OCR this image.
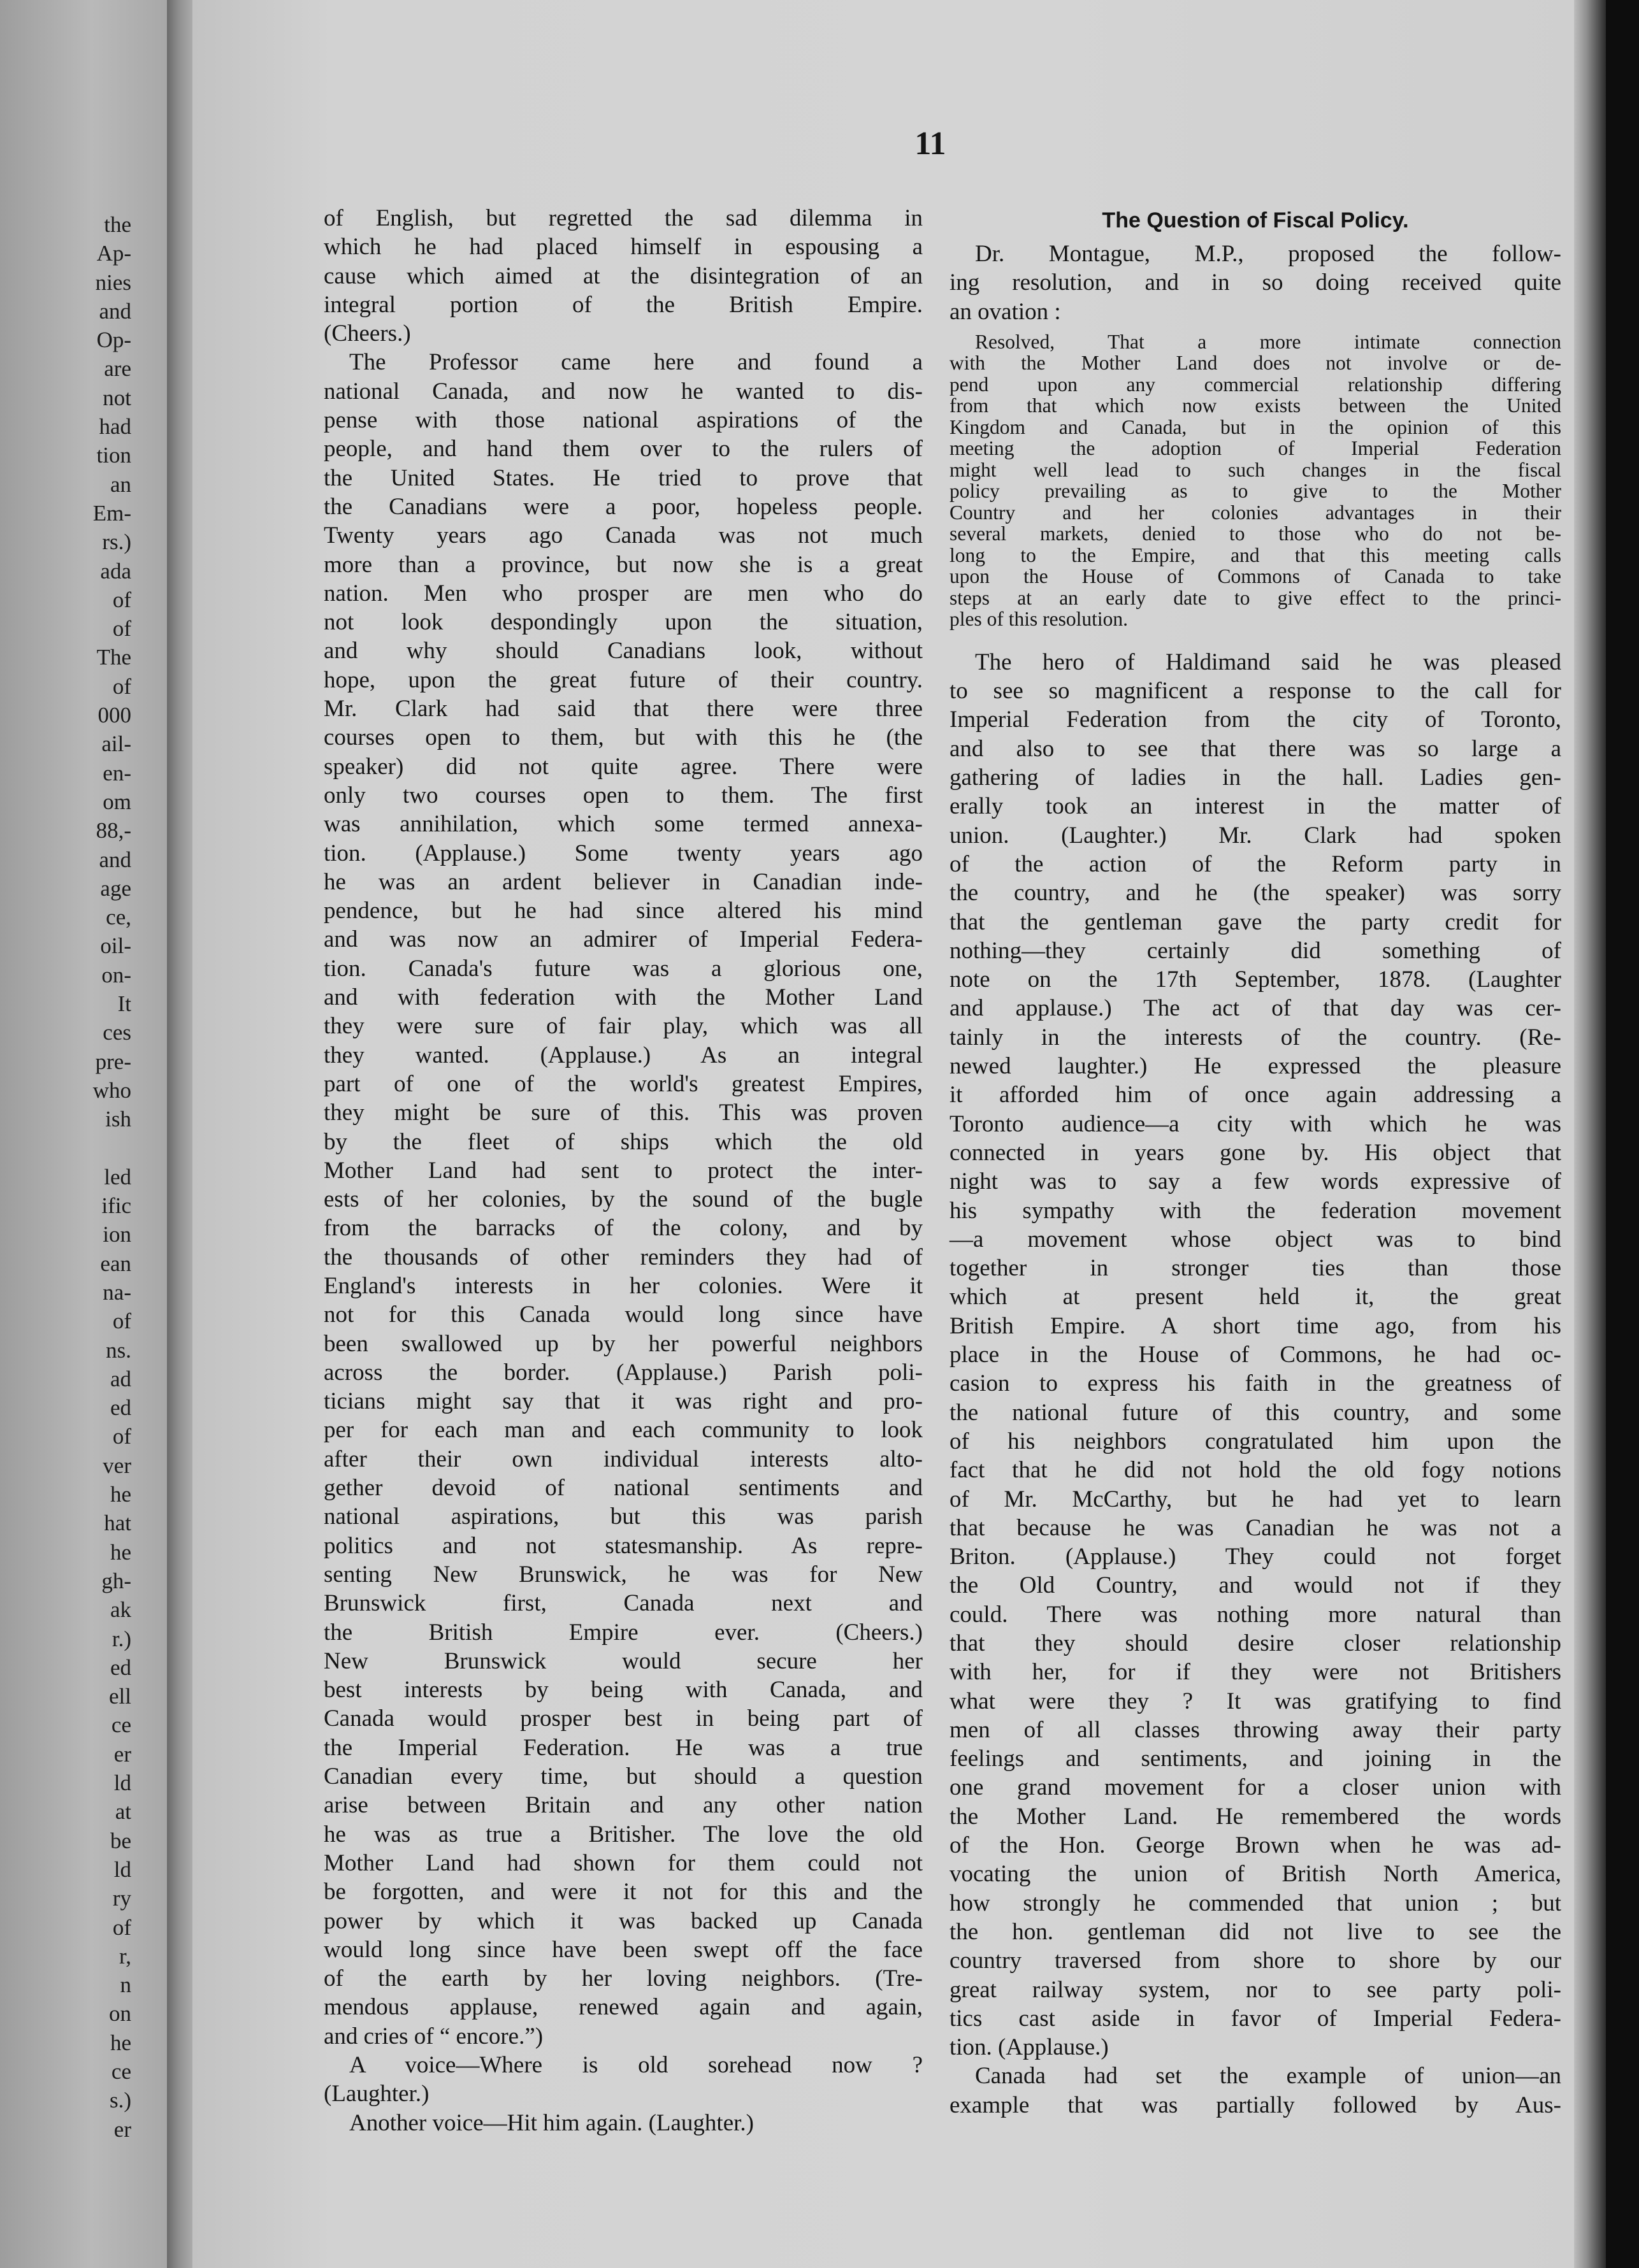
the
Ap-
nies
and
Op-
are
not
had
tion
an
Em-
rs.)
ada
of
of
The
of
000
ail-
en-
om
88,-
and
age
ce,
oil-
on-
It
ces
pre-
who
ish
led
ific
ion
ean
na-
of
ns.
ad
ed
of
ver
he
hat
he
gh-
ak
r.)
ed
ell
ce
er
ld
at
be
ld
ry
of
r,
n
on
he
ce
s.)
er
11
of English, but regretted the sad dilemma in
which he had placed himself in espousing a
cause which aimed at the disintegration of an
integral portion of the British Empire.
(Cheers.)
The Professor came here and found a
national Canada, and now he wanted to dis-
pense with those national aspirations of the
people, and hand them over to the rulers of
the United States. He tried to prove that
the Canadians were a poor, hopeless people.
Twenty years ago Canada was not much
more than a province, but now she is a great
nation. Men who prosper are men who do
not look despondingly upon the situation,
and why should Canadians look, without
hope, upon the great future of their country.
Mr. Clark had said that there were three
courses open to them, but with this he (the
speaker) did not quite agree. There were
only two courses open to them. The first
was annihilation, which some termed annexa-
tion. (Applause.) Some twenty years ago
he was an ardent believer in Canadian inde-
pendence, but he had since altered his mind
and was now an admirer of Imperial Federa-
tion. Canada's future was a glorious one,
and with federation with the Mother Land
they were sure of fair play, which was all
they wanted. (Applause.) As an integral
part of one of the world's greatest Empires,
they might be sure of this. This was proven
by the fleet of ships which the old
Mother Land had sent to protect the inter-
ests of her colonies, by the sound of the bugle
from the barracks of the colony, and by
the thousands of other reminders they had of
England's interests in her colonies. Were it
not for this Canada would long since have
been swallowed up by her powerful neighbors
across the border. (Applause.) Parish poli-
ticians might say that it was right and pro-
per for each man and each community to look
after their own individual interests alto-
gether devoid of national sentiments and
national aspirations, but this was parish
politics and not statesmanship. As repre-
senting New Brunswick, he was for New
Brunswick first, Canada next and
the British Empire ever. (Cheers.)
New Brunswick would secure her
best interests by being with Canada, and
Canada would prosper best in being part of
the Imperial Federation. He was a true
Canadian every time, but should a question
arise between Britain and any other nation
he was as true a Britisher. The love the old
Mother Land had shown for them could not
be forgotten, and were it not for this and the
power by which it was backed up Canada
would long since have been swept off the face
of the earth by her loving neighbors. (Tre-
mendous applause, renewed again and again,
and cries of “ encore.”)
A voice—Where is old sorehead now ?
(Laughter.)
Another voice—Hit him again. (Laughter.)
The Question of Fiscal Policy.
Dr. Montague, M.P., proposed the follow-
ing resolution, and in so doing received quite
an ovation :
Resolved, That a more intimate connection
with the Mother Land does not involve or de-
pend upon any commercial relationship differing
from that which now exists between the United
Kingdom and Canada, but in the opinion of this
meeting the adoption of Imperial Federation
might well lead to such changes in the fiscal
policy prevailing as to give to the Mother
Country and her colonies advantages in their
several markets, denied to those who do not be-
long to the Empire, and that this meeting calls
upon the House of Commons of Canada to take
steps at an early date to give effect to the princi-
ples of this resolution.
The hero of Haldimand said he was pleased
to see so magnificent a response to the call for
Imperial Federation from the city of Toronto,
and also to see that there was so large a
gathering of ladies in the hall. Ladies gen-
erally took an interest in the matter of
union. (Laughter.) Mr. Clark had spoken
of the action of the Reform party in
the country, and he (the speaker) was sorry
that the gentleman gave the party credit for
nothing—they certainly did something of
note on the 17th September, 1878. (Laughter
and applause.) The act of that day was cer-
tainly in the interests of the country. (Re-
newed laughter.) He expressed the pleasure
it afforded him of once again addressing a
Toronto audience—a city with which he was
connected in years gone by. His object that
night was to say a few words expressive of
his sympathy with the federation movement
—a movement whose object was to bind
together in stronger ties than those
which at present held it, the great
British Empire. A short time ago, from his
place in the House of Commons, he had oc-
casion to express his faith in the greatness of
the national future of this country, and some
of his neighbors congratulated him upon the
fact that he did not hold the old fogy notions
of Mr. McCarthy, but he had yet to learn
that because he was Canadian he was not a
Briton. (Applause.) They could not forget
the Old Country, and would not if they
could. There was nothing more natural than
that they should desire closer relationship
with her, for if they were not Britishers
what were they ? It was gratifying to find
men of all classes throwing away their party
feelings and sentiments, and joining in the
one grand movement for a closer union with
the Mother Land. He remembered the words
of the Hon. George Brown when he was ad-
vocating the union of British North America,
how strongly he commended that union ; but
the hon. gentleman did not live to see the
country traversed from shore to shore by our
great railway system, nor to see party poli-
tics cast aside in favor of Imperial Federa-
tion. (Applause.)
Canada had set the example of union—an
example that was partially followed by Aus-
